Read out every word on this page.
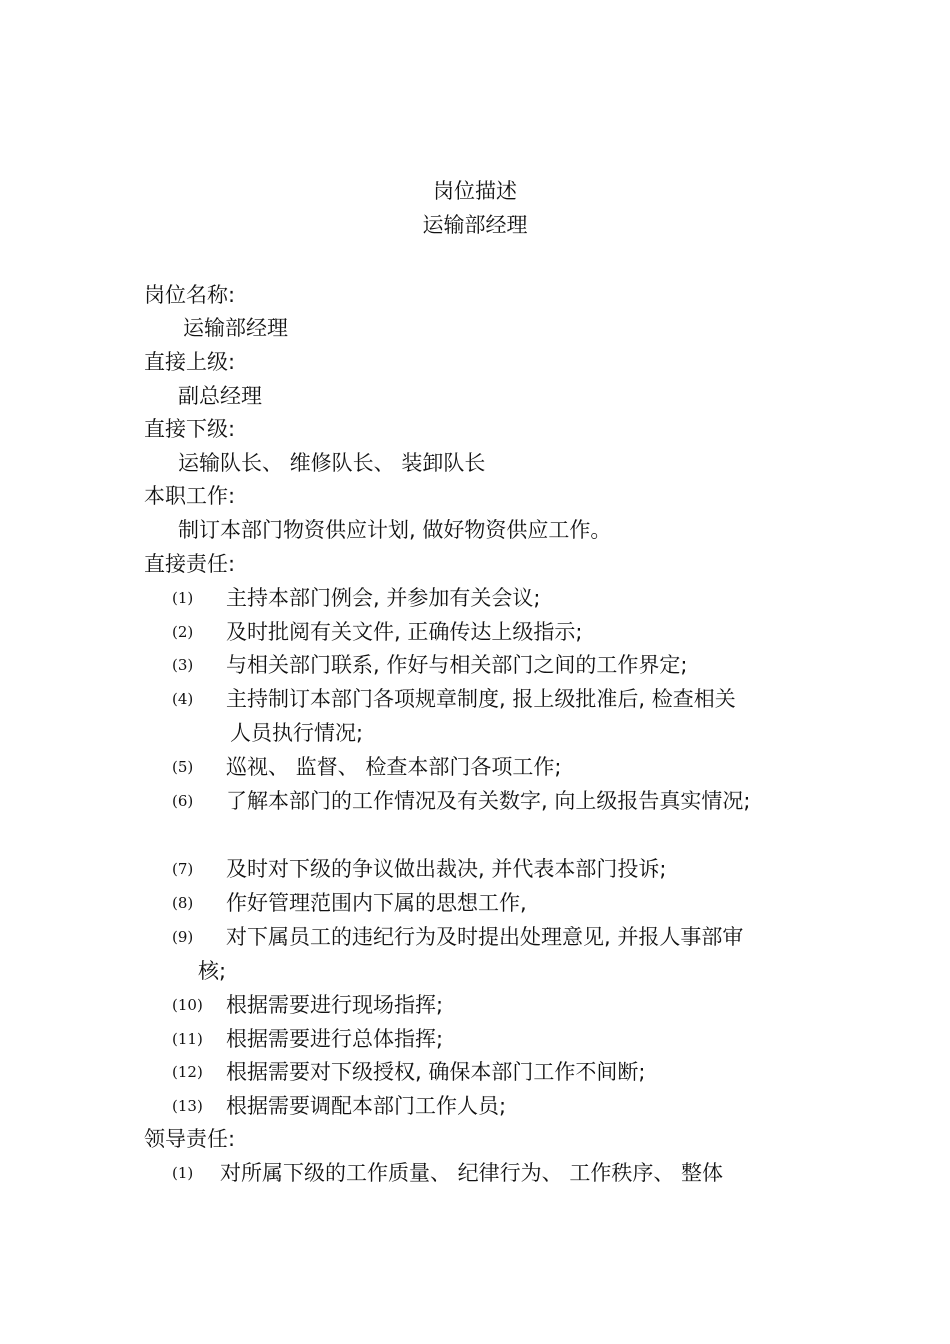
岗位描述
运输部经理
岗位名称:
运输部经理
直接上级:
副总经理
直接下级:
运输队长、 维修队长、 装卸队长
本职工作:
制订本部门物资供应计划, 做好物资供应工作。
直接责任:
(1) 主持本部门例会, 并参加有关会议;
(2) 及时批阅有关文件, 正确传达上级指示;
(3) 与相关部门联系, 作好与相关部门之间的工作界定;
(4) 主持制订本部门各项规章制度, 报上级批准后, 检查相关
人员执行情况;
(5) 巡视、 监督、 检查本部门各项工作;
(6) 了解本部门的工作情况及有关数字, 向上级报告真实情况;
(7) 及时对下级的争议做出裁决, 并代表本部门投诉;
(8) 作好管理范围内下属的思想工作,
(9) 对下属员工的违纪行为及时提出处理意见, 并报人事部审
核;
(10) 根据需要进行现场指挥;
(11) 根据需要进行总体指挥;
(12) 根据需要对下级授权, 确保本部门工作不间断;
(13) 根据需要调配本部门工作人员;
领导责任:
(1) 对所属下级的工作质量、 纪律行为、 工作秩序、 整体
